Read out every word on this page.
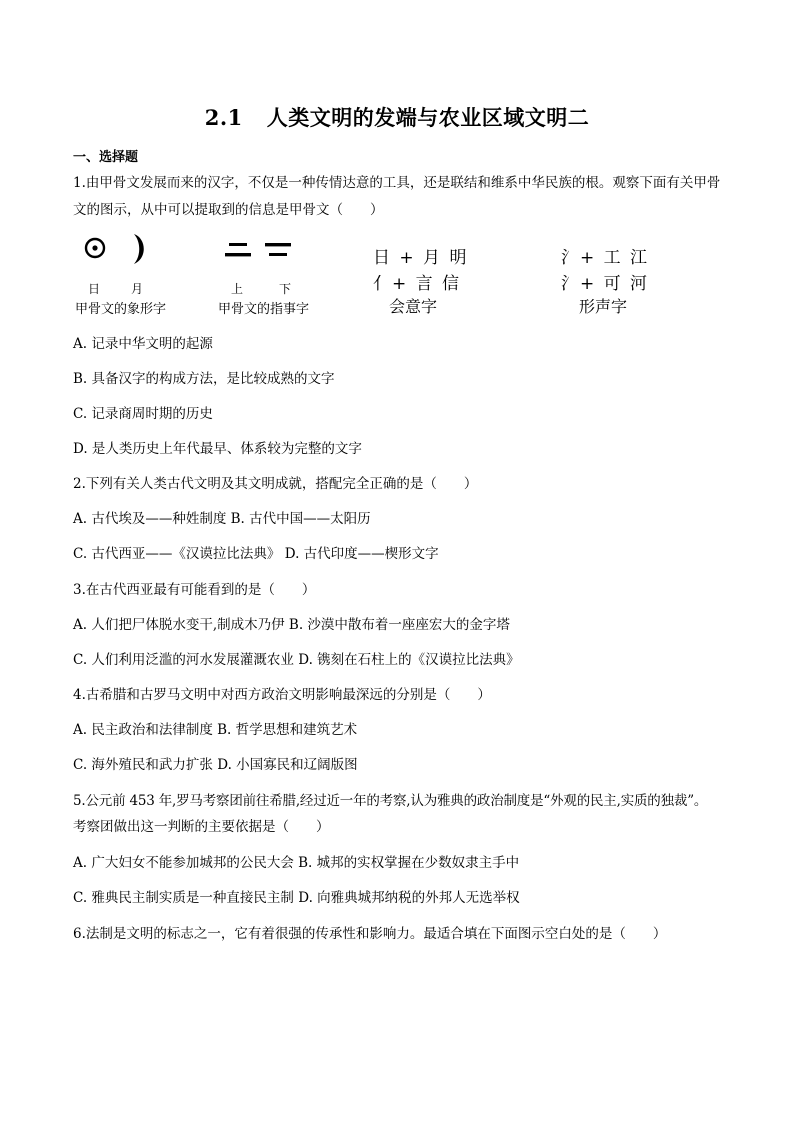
2.1 人类文明的发端与农业区域文明二
一、选择题
1.由甲骨文发展而来的汉字，不仅是一种传情达意的工具，还是联结和维系中华民族的根。观察下面有关甲骨文的图示，从中可以提取到的信息是甲骨文（　　）
日	月
甲骨文的象形字
上	下
甲骨文的指事字
日 + 月 明
亻+ 言 信
会意字
氵+ 工 江
氵+ 可 河
形声字
A. 记录中华文明的起源
B. 具备汉字的构成方法，是比较成熟的文字
C. 记录商周时期的历史
D. 是人类历史上年代最早、体系较为完整的文字
2.下列有关人类古代文明及其文明成就，搭配完全正确的是（　　）
A. 古代埃及——种姓制度 B. 古代中国——太阳历
C. 古代西亚——《汉谟拉比法典》 D. 古代印度——楔形文字
3.在古代西亚最有可能看到的是（　　）
A. 人们把尸体脱水变干,制成木乃伊 B. 沙漠中散布着一座座宏大的金字塔
C. 人们利用泛滥的河水发展灌溉农业 D. 镌刻在石柱上的《汉谟拉比法典》
4.古希腊和古罗马文明中对西方政治文明影响最深远的分别是（　　）
A. 民主政治和法律制度 B. 哲学思想和建筑艺术
C. 海外殖民和武力扩张 D. 小国寡民和辽阔版图
5.公元前 453 年,罗马考察团前往希腊,经过近一年的考察,认为雅典的政治制度是“外观的民主,实质的独裁”。
考察团做出这一判断的主要依据是（　　）
A. 广大妇女不能参加城邦的公民大会 B. 城邦的实权掌握在少数奴隶主手中
C. 雅典民主制实质是一种直接民主制 D. 向雅典城邦纳税的外邦人无选举权
6.法制是文明的标志之一，它有着很强的传承性和影响力。最适合填在下面图示空白处的是（　　）
